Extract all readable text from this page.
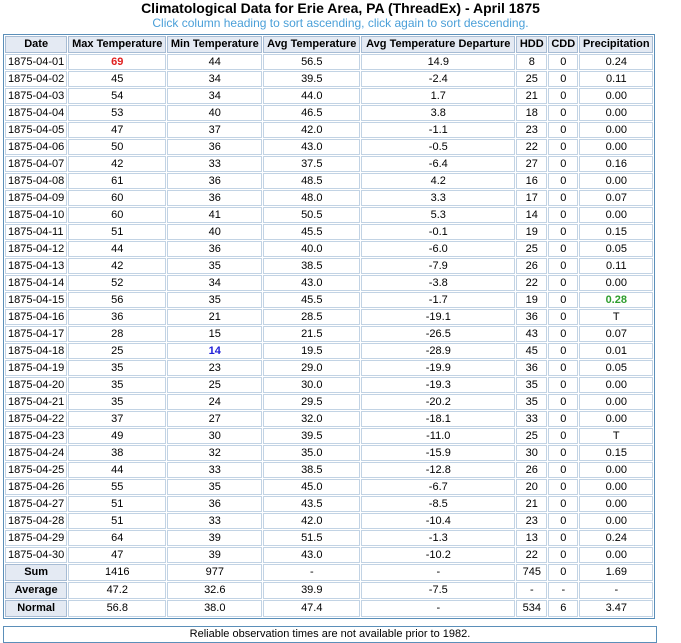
Climatological Data for Erie Area, PA (ThreadEx) - April 1875
Click column heading to sort ascending, click again to sort descending.
Date	Max Temperature	Min Temperature	Avg Temperature	Avg Temperature Departure	HDD	CDD	Precipitation
1875-04-01	69	44	56.5	14.9	8	0	0.24
1875-04-02	45	34	39.5	-2.4	25	0	0.11
1875-04-03	54	34	44.0	1.7	21	0	0.00
1875-04-04	53	40	46.5	3.8	18	0	0.00
1875-04-05	47	37	42.0	-1.1	23	0	0.00
1875-04-06	50	36	43.0	-0.5	22	0	0.00
1875-04-07	42	33	37.5	-6.4	27	0	0.16
1875-04-08	61	36	48.5	4.2	16	0	0.00
1875-04-09	60	36	48.0	3.3	17	0	0.07
1875-04-10	60	41	50.5	5.3	14	0	0.00
1875-04-11	51	40	45.5	-0.1	19	0	0.15
1875-04-12	44	36	40.0	-6.0	25	0	0.05
1875-04-13	42	35	38.5	-7.9	26	0	0.11
1875-04-14	52	34	43.0	-3.8	22	0	0.00
1875-04-15	56	35	45.5	-1.7	19	0	0.28
1875-04-16	36	21	28.5	-19.1	36	0	T
1875-04-17	28	15	21.5	-26.5	43	0	0.07
1875-04-18	25	14	19.5	-28.9	45	0	0.01
1875-04-19	35	23	29.0	-19.9	36	0	0.05
1875-04-20	35	25	30.0	-19.3	35	0	0.00
1875-04-21	35	24	29.5	-20.2	35	0	0.00
1875-04-22	37	27	32.0	-18.1	33	0	0.00
1875-04-23	49	30	39.5	-11.0	25	0	T
1875-04-24	38	32	35.0	-15.9	30	0	0.15
1875-04-25	44	33	38.5	-12.8	26	0	0.00
1875-04-26	55	35	45.0	-6.7	20	0	0.00
1875-04-27	51	36	43.5	-8.5	21	0	0.00
1875-04-28	51	33	42.0	-10.4	23	0	0.00
1875-04-29	64	39	51.5	-1.3	13	0	0.24
1875-04-30	47	39	43.0	-10.2	22	0	0.00
Sum	1416	977	-	-	745	0	1.69
Average	47.2	32.6	39.9	-7.5	-	-	-
Normal	56.8	38.0	47.4	-	534	6	3.47
Reliable observation times are not available prior to 1982.
